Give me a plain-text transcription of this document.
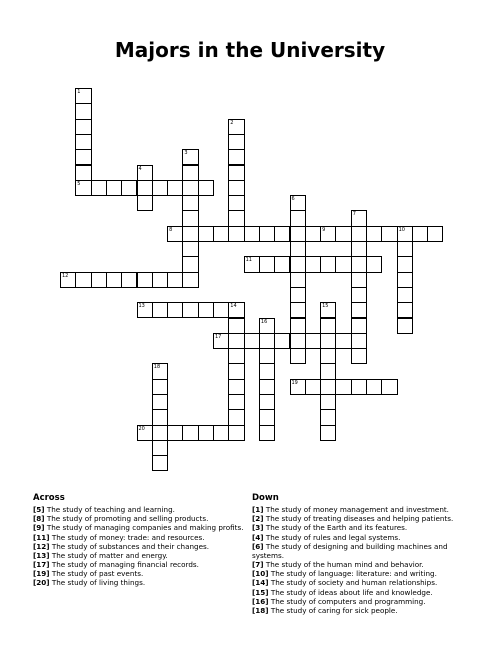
Majors in the University
1
5
2
3
4
6
7
8	9	10
11
12
13	14	15
16
17
18
19
20
Across
[5] The study of teaching and learning.
[8] The study of promoting and selling products.
[9] The study of managing companies and making profits.
[11] The study of money: trade: and resources.
[12] The study of substances and their changes.
[13] The study of matter and energy.
[17] The study of managing financial records.
[19] The study of past events.
[20] The study of living things.
Down
[1] The study of money management and investment.
[2] The study of treating diseases and helping patients.
[3] The study of the Earth and its features.
[4] The study of rules and legal systems.
[6] The study of designing and building machines and systems.
[7] The study of the human mind and behavior.
[10] The study of language: literature: and writing.
[14] The study of society and human relationships.
[15] The study of ideas about life and knowledge.
[16] The study of computers and programming.
[18] The study of caring for sick people.
